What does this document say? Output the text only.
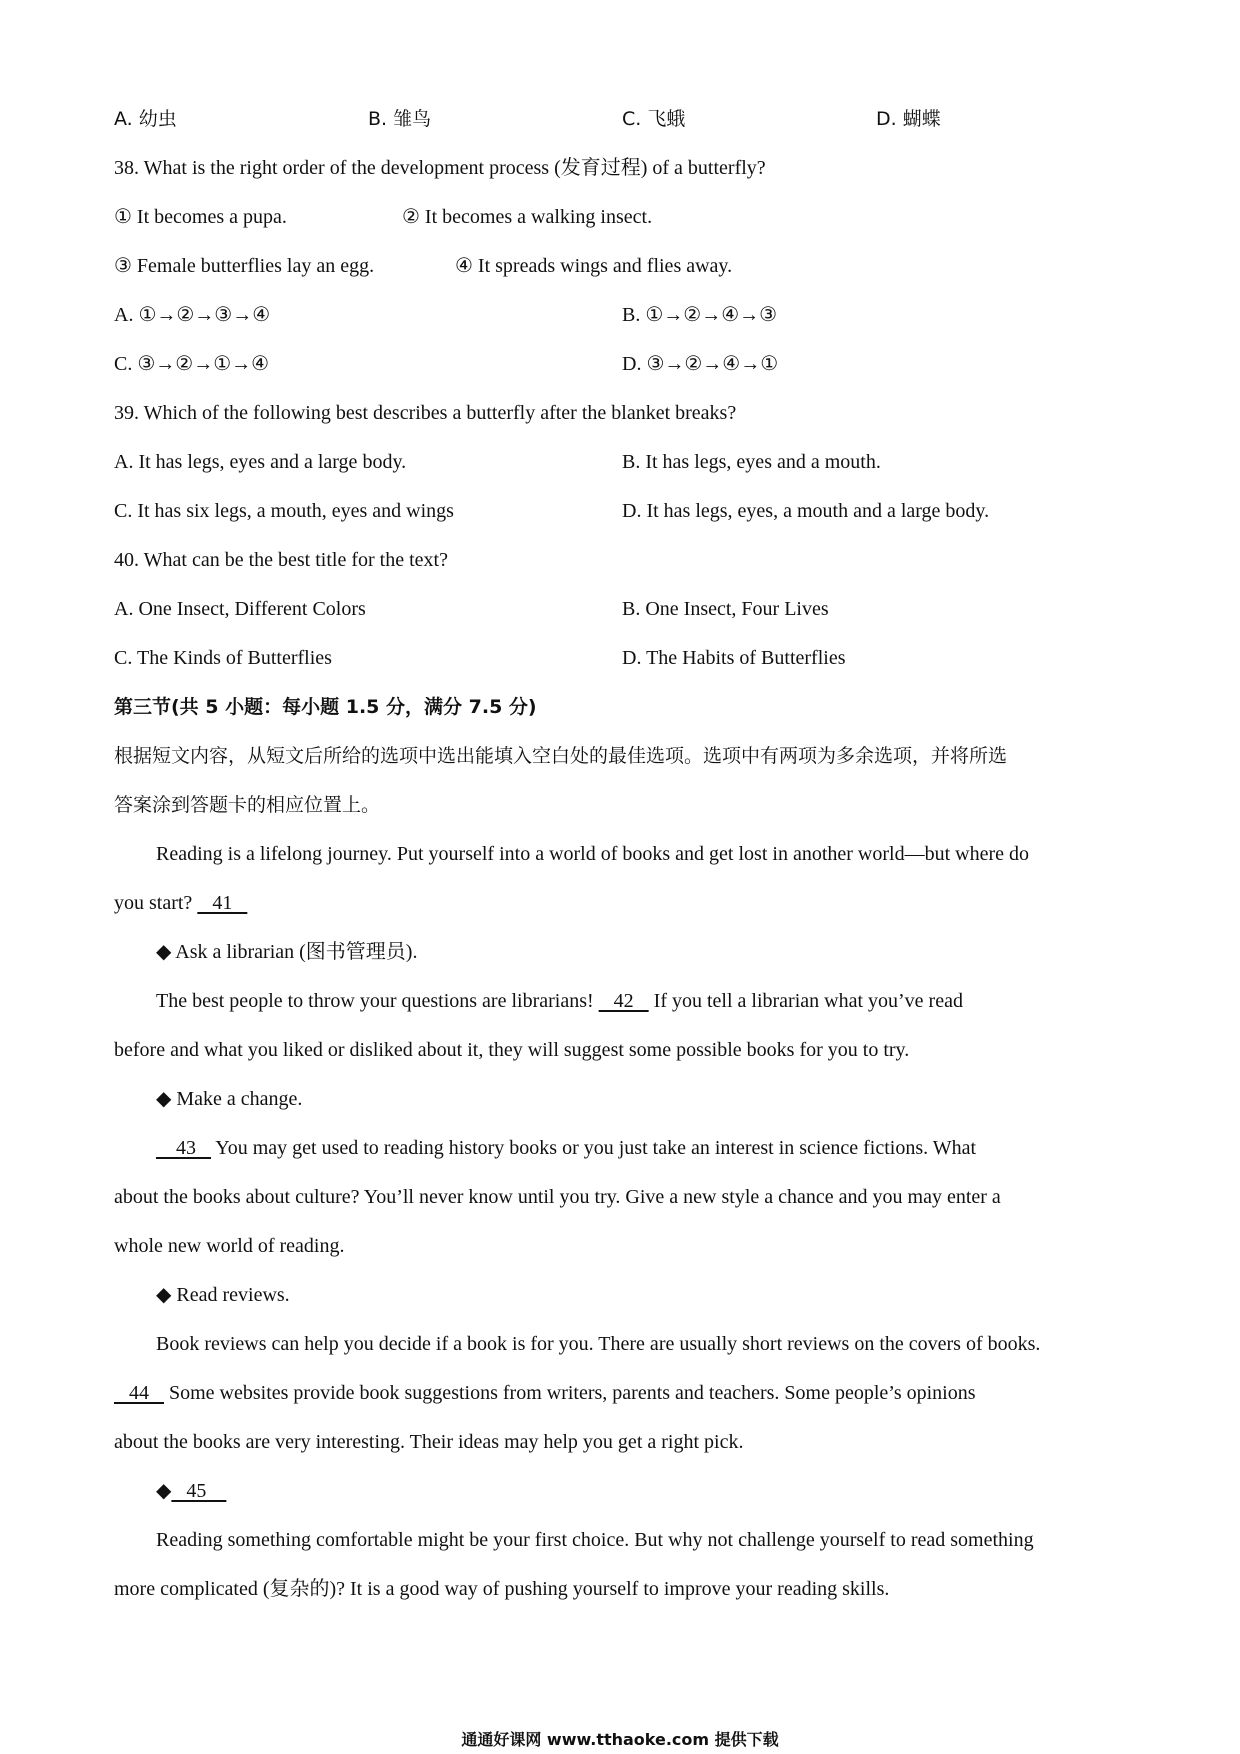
A. 幼虫	B. 雏鸟	C. 飞蛾	D. 蝴蝶
38. What is the right order of the development process (发育过程) of a butterfly?
① It becomes a pupa.	② It becomes a walking insect.
③ Female butterflies lay an egg.	④ It spreads wings and flies away.
A. ①→②→③→④	B. ①→②→④→③
C. ③→②→①→④	D. ③→②→④→①
39. Which of the following best describes a butterfly after the blanket breaks?
A. It has legs, eyes and a large body.	B. It has legs, eyes and a mouth.
C. It has six legs, a mouth, eyes and wings	D. It has legs, eyes, a mouth and a large body.
40. What can be the best title for the text?
A. One Insect, Different Colors	B. One Insect, Four Lives
C. The Kinds of Butterflies	D. The Habits of Butterflies
第三节(共 5 小题：每小题 1.5 分，满分 7.5 分)
根据短文内容，从短文后所给的选项中选出能填入空白处的最佳选项。选项中有两项为多余选项，并将所选
答案涂到答题卡的相应位置上。
Reading is a lifelong journey. Put yourself into a world of books and get lost in another world—but where do
you start?    41
◆ Ask a librarian (图书管理员).
The best people to throw your questions are librarians!    42    If you tell a librarian what you’ve read
before and what you liked or disliked about it, they will suggest some possible books for you to try.
◆ Make a change.
43    You may get used to reading history books or you just take an interest in science fictions. What
about the books about culture? You’ll never know until you try. Give a new style a chance and you may enter a
whole new world of reading.
◆ Read reviews.
Book reviews can help you decide if a book is for you. There are usually short reviews on the covers of books.
44    Some websites provide book suggestions from writers, parents and teachers. Some people’s opinions
about the books are very interesting. Their ideas may help you get a right pick.
◆   45
Reading something comfortable might be your first choice. But why not challenge yourself to read something
more complicated (复杂的)? It is a good way of pushing yourself to improve your reading skills.
通通好课网 www.tthaoke.com 提供下载
